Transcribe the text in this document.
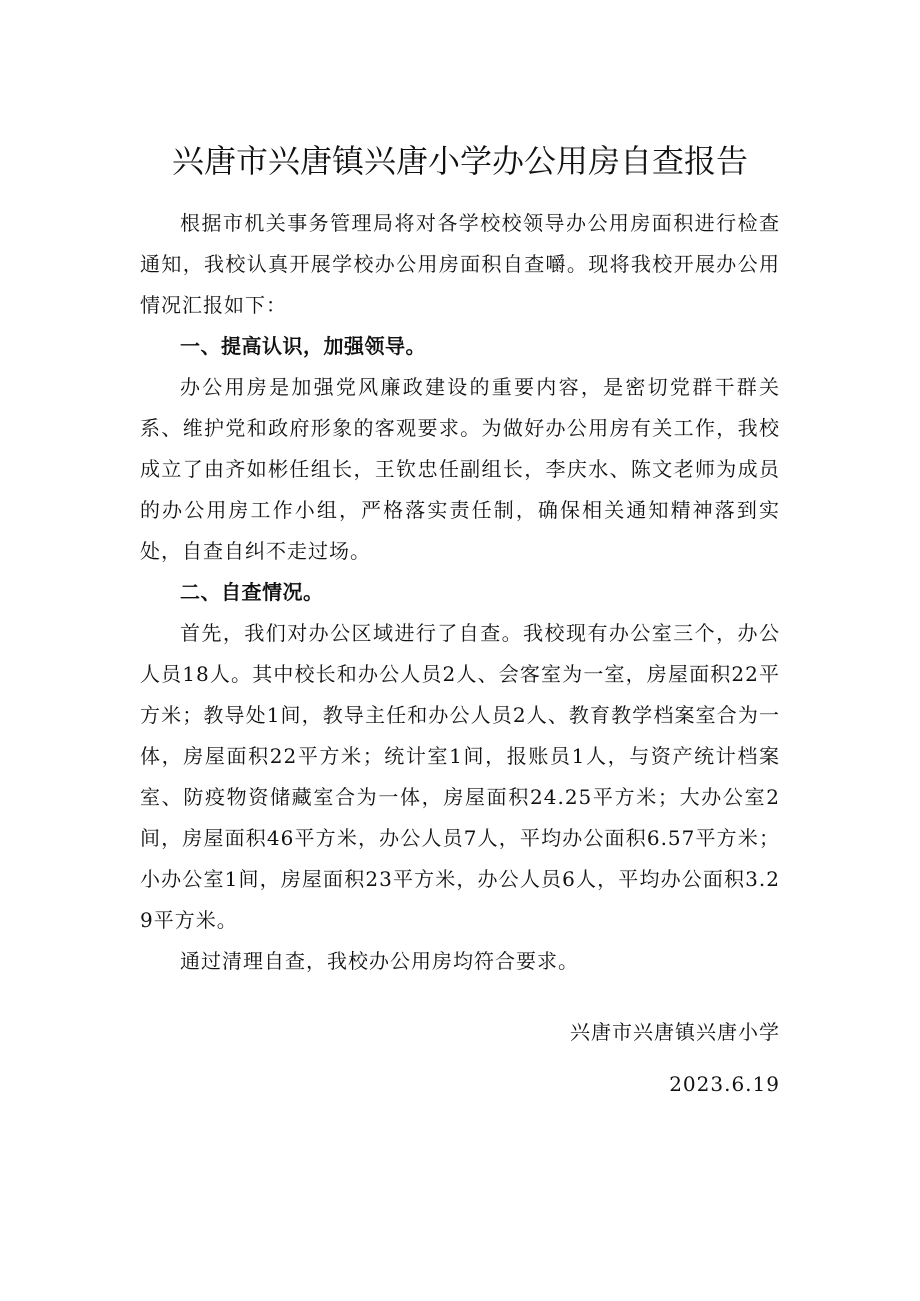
兴唐市兴唐镇兴唐小学办公用房自查报告

根据市机关事务管理局将对各学校校领导办公用房面积进行检查通知，我校认真开展学校办公用房面积自查嚼。现将我校开展办公用情况汇报如下：

一、提高认识，加强领导。

办公用房是加强党风廉政建设的重要内容，是密切党群干群关系、维护党和政府形象的客观要求。为做好办公用房有关工作，我校成立了由齐如彬任组长，王钦忠任副组长，李庆水、陈文老师为成员的办公用房工作小组，严格落实责任制，确保相关通知精神落到实处，自查自纠不走过场。

二、自查情况。

首先，我们对办公区域进行了自查。我校现有办公室三个，办公人员18人。其中校长和办公人员2人、会客室为一室，房屋面积22平方米；教导处1间，教导主任和办公人员2人、教育教学档案室合为一体，房屋面积22平方米；统计室1间，报账员1人，与资产统计档案室、防疫物资储藏室合为一体，房屋面积24.25平方米；大办公室2间，房屋面积46平方米，办公人员7人，平均办公面积6.57平方米；小办公室1间，房屋面积23平方米，办公人员6人，平均办公面积3.29平方米。

通过清理自查，我校办公用房均符合要求。

兴唐市兴唐镇兴唐小学
2023.6.19
